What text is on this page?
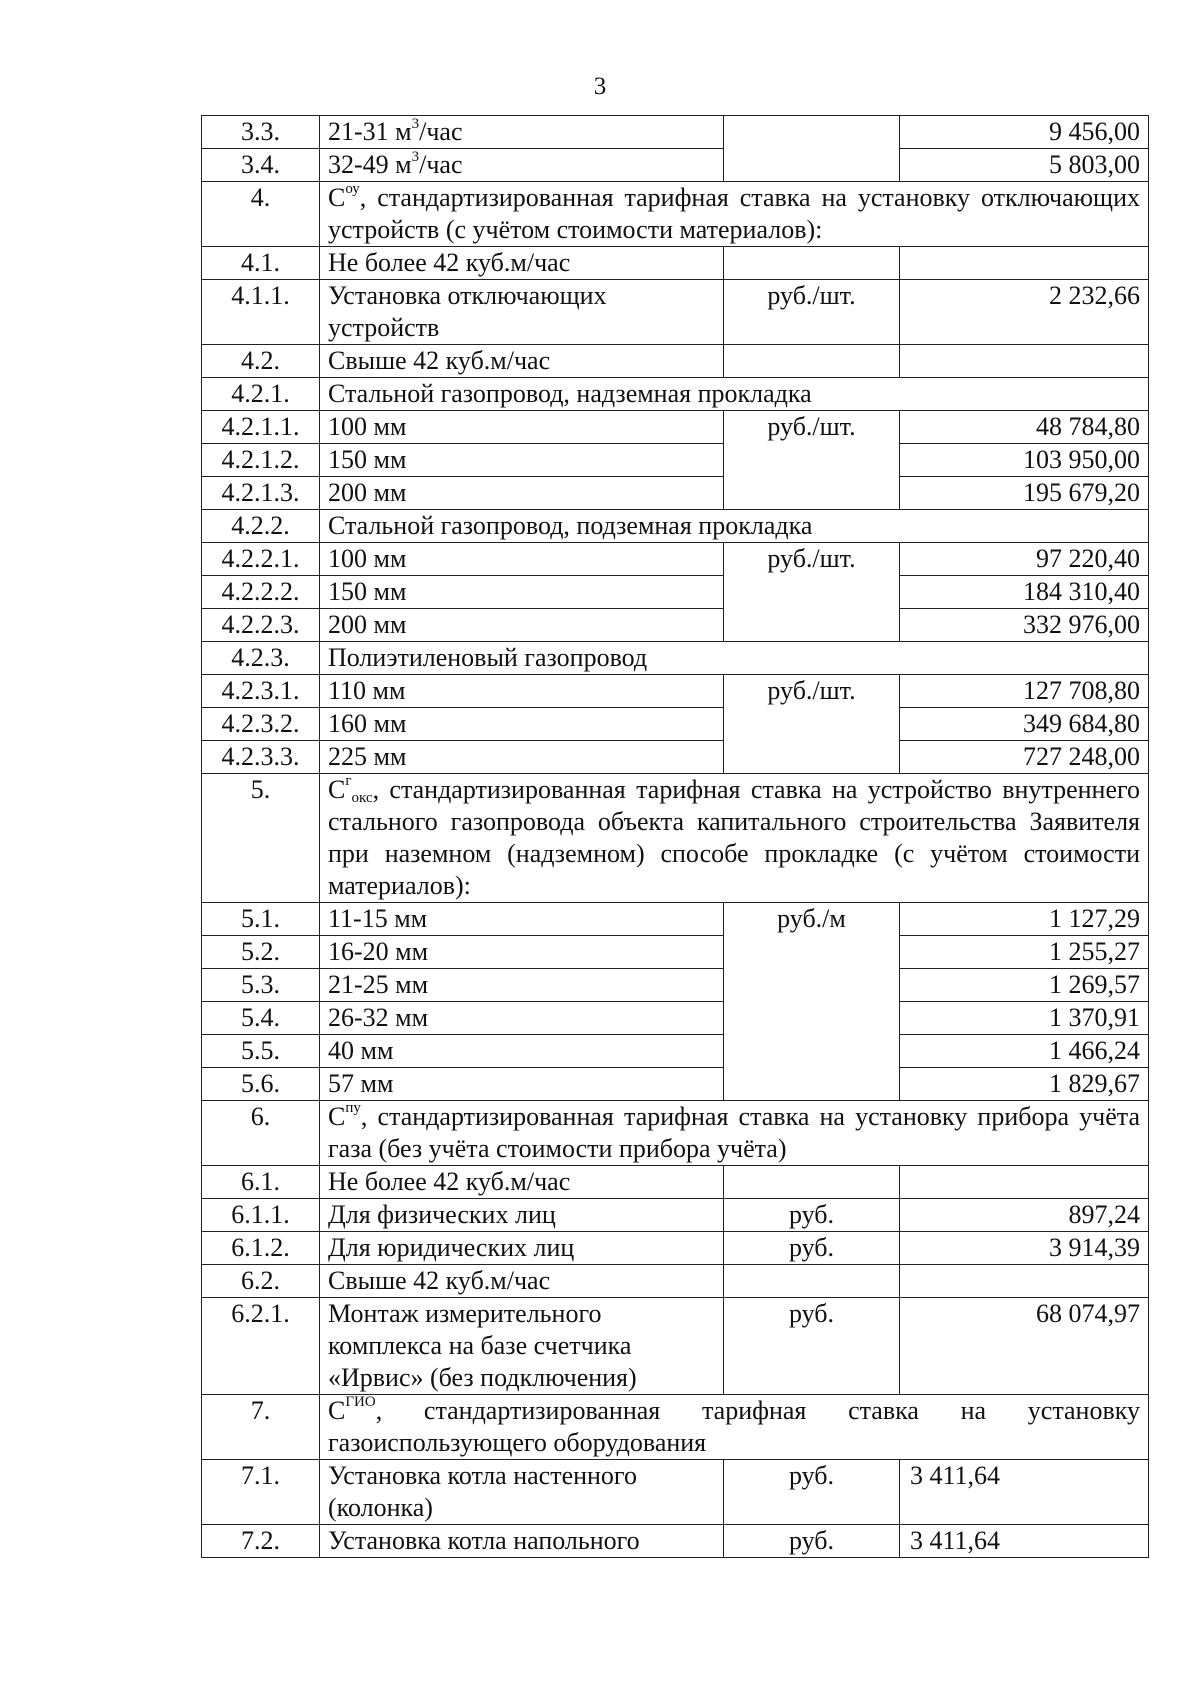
3
3.3.	21-31 $м^3$/час		9 456,00
3.4.	32-49 $м^3$/час		5 803,00
4.	$С^{оу}$, стандартизированная тарифная ставка на установку отключающих устройств (с учётом стоимости материалов):		
4.1.	Не более 42 куб.м/час		
4.1.1.	Установка отключающих
устройств	руб./шт.	2 232,66
4.2.	Свыше 42 куб.м/час		
4.2.1.	Стальной газопровод, надземная прокладка		
4.2.1.1.	100 мм	руб./шт.	48 784,80
4.2.1.2.	150 мм		103 950,00
4.2.1.3.	200 мм		195 679,20
4.2.2.	Стальной газопровод, подземная прокладка		
4.2.2.1.	100 мм	руб./шт.	97 220,40
4.2.2.2.	150 мм		184 310,40
4.2.2.3.	200 мм		332 976,00
4.2.3.	Полиэтиленовый газопровод		
4.2.3.1.	110 мм	руб./шт.	127 708,80
4.2.3.2.	160 мм		349 684,80
4.2.3.3.	225 мм		727 248,00
5.	$С^г_{окс}$, стандартизированная тарифная ставка на устройство внутреннего стального газопровода объекта капитального строительства Заявителя при наземном (надземном) способе прокладке (с учётом стоимости материалов):		
5.1.	11-15 мм	руб./м	1 127,29
5.2.	16-20 мм		1 255,27
5.3.	21-25 мм		1 269,57
5.4.	26-32 мм		1 370,91
5.5.	40 мм		1 466,24
5.6.	57 мм		1 829,67
6.	$С^{пу}$, стандартизированная тарифная ставка на установку прибора учёта газа (без учёта стоимости прибора учёта)		
6.1.	Не более 42 куб.м/час		
6.1.1.	Для физических лиц	руб.	897,24
6.1.2.	Для юридических лиц	руб.	3 914,39
6.2.	Свыше 42 куб.м/час		
6.2.1.	Монтаж измерительного
комплекса на базе счетчика
«Ирвис» (без подключения)	руб.	68 074,97
7.	$С^{ГИО}$, стандартизированная тарифная ставка на установку газоиспользующего оборудования		
7.1.	Установка котла настенного
(колонка)	руб.	3 411,64
7.2.	Установка котла напольного	руб.	3 411,64
